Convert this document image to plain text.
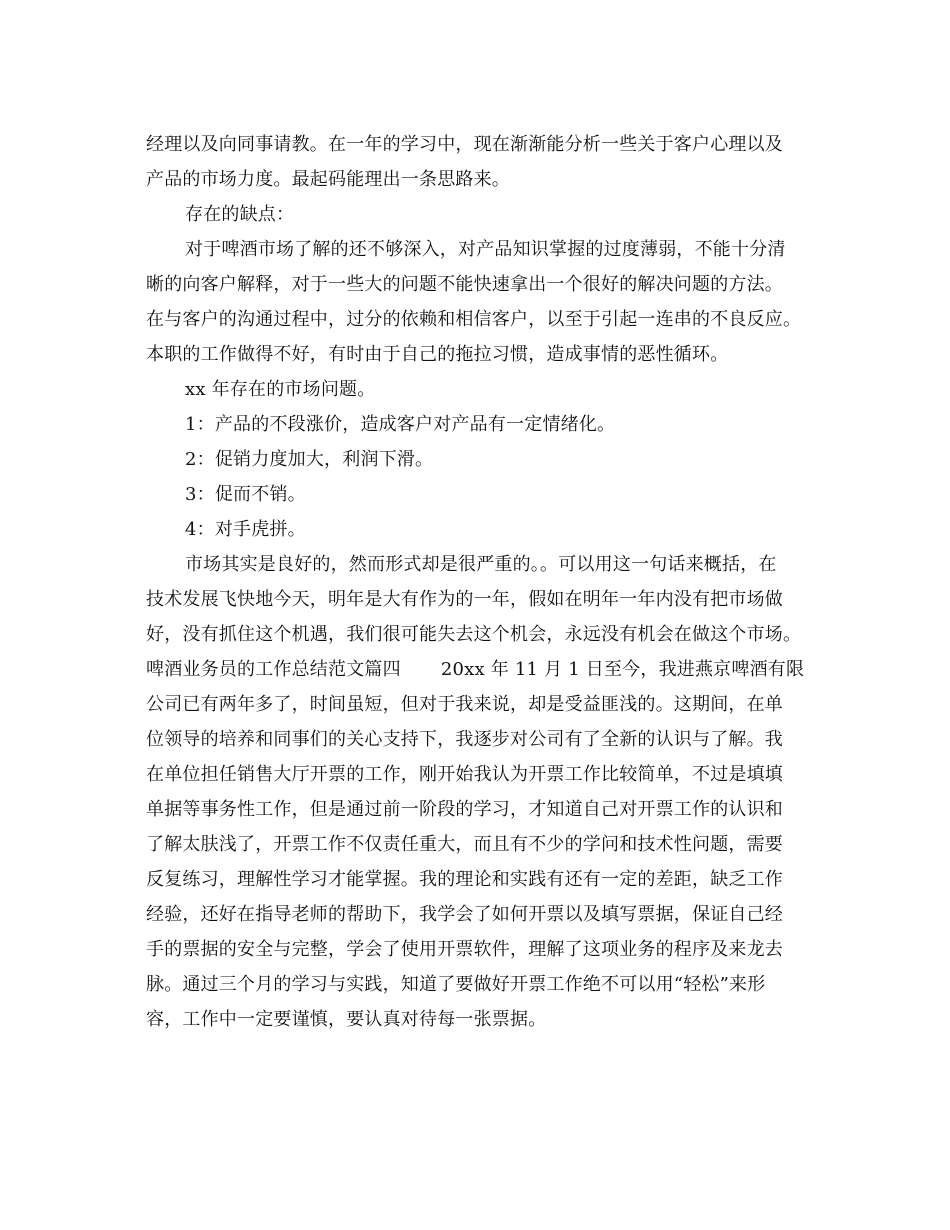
经理以及向同事请教。在一年的学习中，现在渐渐能分析一些关于客户心理以及
产品的市场力度。最起码能理出一条思路来。
存在的缺点：
对于啤酒市场了解的还不够深入，对产品知识掌握的过度薄弱，不能十分清
晰的向客户解释，对于一些大的问题不能快速拿出一个很好的解决问题的方法。
在与客户的沟通过程中，过分的依赖和相信客户，以至于引起一连串的不良反应。
本职的工作做得不好，有时由于自己的拖拉习惯，造成事情的恶性循环。
xx 年存在的市场问题。
1：产品的不段涨价，造成客户对产品有一定情绪化。
2：促销力度加大，利润下滑。
3：促而不销。
4：对手虎拼。
市场其实是良好的，然而形式却是很严重的。。可以用这一句话来概括，在
技术发展飞快地今天，明年是大有作为的一年，假如在明年一年内没有把市场做
好，没有抓住这个机遇，我们很可能失去这个机会，永远没有机会在做这个市场。
啤酒业务员的工作总结范文篇四 20xx 年 11 月 1 日至今，我进燕京啤酒有限
公司已有两年多了，时间虽短，但对于我来说，却是受益匪浅的。这期间，在单
位领导的培养和同事们的关心支持下，我逐步对公司有了全新的认识与了解。我
在单位担任销售大厅开票的工作，刚开始我认为开票工作比较简单，不过是填填
单据等事务性工作，但是通过前一阶段的学习，才知道自己对开票工作的认识和
了解太肤浅了，开票工作不仅责任重大，而且有不少的学问和技术性问题，需要
反复练习，理解性学习才能掌握。我的理论和实践有还有一定的差距，缺乏工作
经验，还好在指导老师的帮助下，我学会了如何开票以及填写票据，保证自己经
手的票据的安全与完整，学会了使用开票软件，理解了这项业务的程序及来龙去
脉。通过三个月的学习与实践，知道了要做好开票工作绝不可以用“轻松”来形
容，工作中一定要谨慎，要认真对待每一张票据。
